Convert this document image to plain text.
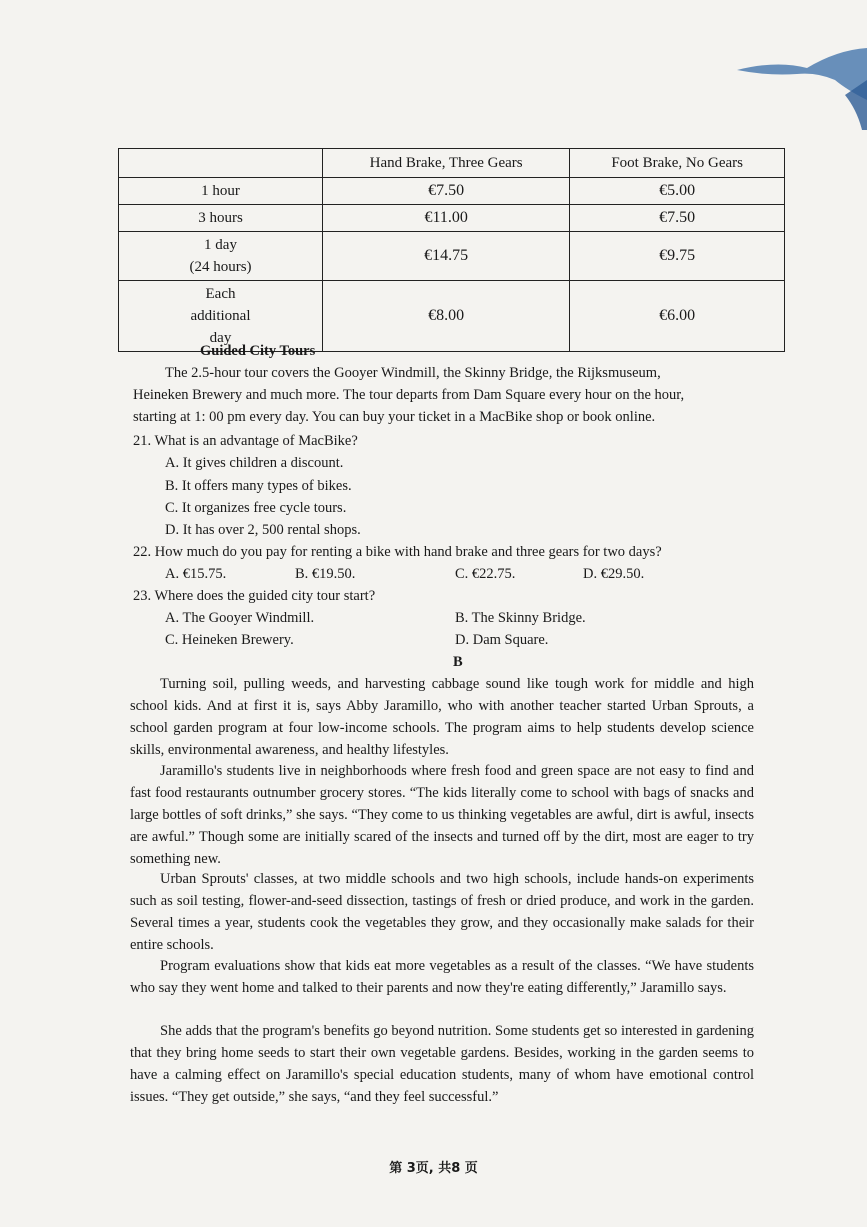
	Hand Brake, Three Gears	Foot Brake, No Gears
1 hour	€7.50	€5.00
3 hours	€11.00	€7.50

1 day
(24 hours)	€14.75	€9.75

Each
additional
day	€8.00	€6.00
Guided City Tours
The 2.5-hour tour covers the Gooyer Windmill, the Skinny Bridge, the Rijksmuseum,
Heineken Brewery and much more. The tour departs from Dam Square every hour on the hour,
starting at 1: 00 pm every day. You can buy your ticket in a MacBike shop or book online.
21. What is an advantage of MacBike?
A. It gives children a discount.
B. It offers many types of bikes.
C. It organizes free cycle tours.
D. It has over 2, 500 rental shops.
22. How much do you pay for renting a bike with hand brake and three gears for two days?
A. €15.75.	B. €19.50.	C. €22.75.	D. €29.50.
23. Where does the guided city tour start?
A. The Gooyer Windmill.	B. The Skinny Bridge.
C. Heineken Brewery.	D. Dam Square.
B
Turning soil, pulling weeds, and harvesting cabbage sound like tough work for middle and high school kids. And at first it is, says Abby Jaramillo, who with another teacher started Urban Sprouts, a school garden program at four low-income schools. The program aims to help students develop science skills, environmental awareness, and healthy lifestyles.
Jaramillo's students live in neighborhoods where fresh food and green space are not easy to find and fast food restaurants outnumber grocery stores. “The kids literally come to school with bags of snacks and large bottles of soft drinks,” she says. “They come to us thinking vegetables are awful, dirt is awful, insects are awful.” Though some are initially scared of the insects and turned off by the dirt, most are eager to try something new.
Urban Sprouts' classes, at two middle schools and two high schools, include hands-on experiments such as soil testing, flower-and-seed dissection, tastings of fresh or dried produce, and work in the garden. Several times a year, students cook the vegetables they grow, and they occasionally make salads for their entire schools.
Program evaluations show that kids eat more vegetables as a result of the classes. “We have students who say they went home and talked to their parents and now they're eating differently,” Jaramillo says.
She adds that the program's benefits go beyond nutrition. Some students get so interested in gardening that they bring home seeds to start their own vegetable gardens. Besides, working in the garden seems to have a calming effect on Jaramillo's special education students, many of whom have emotional control issues. “They get outside,” she says, “and they feel successful.”
第 3页, 共8 页
